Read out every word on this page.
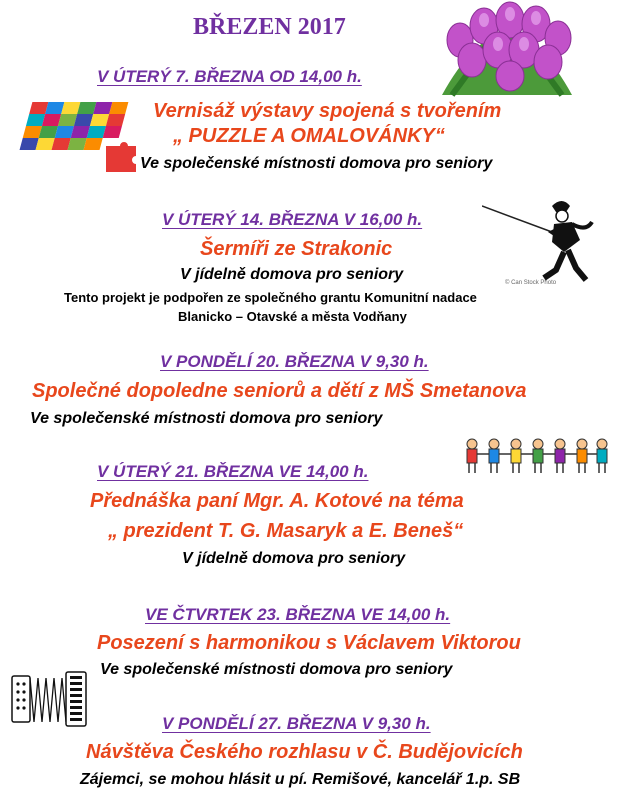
BŘEZEN 2017
© Can Stock Photo
V ÚTERÝ 7. BŘEZNA OD 14,00 h.
Vernisáž výstavy spojená s tvořením
„ PUZZLE A OMALOVÁNKY“
Ve společenské místnosti domova pro seniory
V ÚTERÝ 14. BŘEZNA V 16,00 h.
Šermíři ze Strakonic
V jídelně domova pro seniory
Tento projekt je podpořen ze společného grantu Komunitní nadace
Blanicko – Otavské a města Vodňany
V PONDĚLÍ 20. BŘEZNA V 9,30 h.
Společné dopoledne seniorů a dětí z MŠ Smetanova
Ve společenské místnosti domova pro seniory
V ÚTERÝ 21. BŘEZNA VE 14,00 h.
Přednáška paní Mgr. A. Kotové na téma
„ prezident T. G. Masaryk a E. Beneš“
V jídelně domova pro seniory
VE ČTVRTEK 23. BŘEZNA VE 14,00 h.
Posezení s harmonikou s Václavem Viktorou
Ve společenské místnosti domova pro seniory
V PONDĚLÍ 27. BŘEZNA V 9,30 h.
Návštěva Českého rozhlasu v Č. Budějovicích
Zájemci, se mohou hlásit u pí. Remišové, kancelář 1.p. SB
